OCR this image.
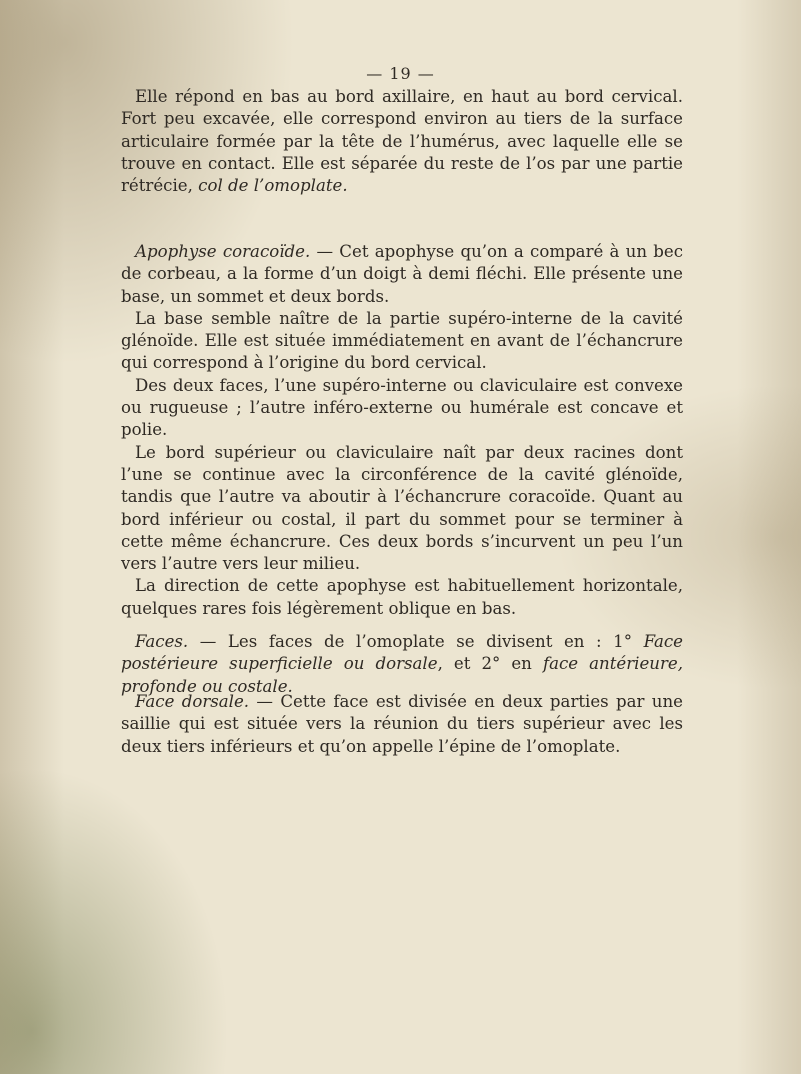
— 19 —

Elle répond en bas au bord axillaire, en haut au bord cervical. Fort peu excavée, elle correspond environ au tiers de la surface articulaire formée par la tête de l’humérus, avec laquelle elle se trouve en contact. Elle est séparée du reste de l’os par une partie rétrécie, col de l’omoplate.

Apophyse coracoïde. — Cet apophyse qu’on a comparé à un bec de corbeau, a la forme d’un doigt à demi fléchi. Elle présente une base, un sommet et deux bords.

La base semble naître de la partie supéro-interne de la cavité glénoïde. Elle est située immédiatement en avant de l’échancrure qui correspond à l’origine du bord cervical.

Des deux faces, l’une supéro-interne ou claviculaire est convexe ou rugueuse ; l’autre inféro-externe ou humérale est concave et polie.

Le bord supérieur ou claviculaire naît par deux racines dont l’une se continue avec la circonférence de la cavité glénoïde, tandis que l’autre va aboutir à l’échancrure coracoïde. Quant au bord inférieur ou costal, il part du sommet pour se terminer à cette même échancrure. Ces deux bords s’incurvent un peu l’un vers l’autre vers leur milieu.

La direction de cette apophyse est habituellement horizontale, quelques rares fois légèrement oblique en bas.

Faces. — Les faces de l’omoplate se divisent en : 1° Face postérieure superficielle ou dorsale, et 2° en face antérieure, profonde ou costale.

Face dorsale. — Cette face est divisée en deux parties par une saillie qui est située vers la réunion du tiers supérieur avec les deux tiers inférieurs et qu’on appelle l’épine de l’omoplate.
